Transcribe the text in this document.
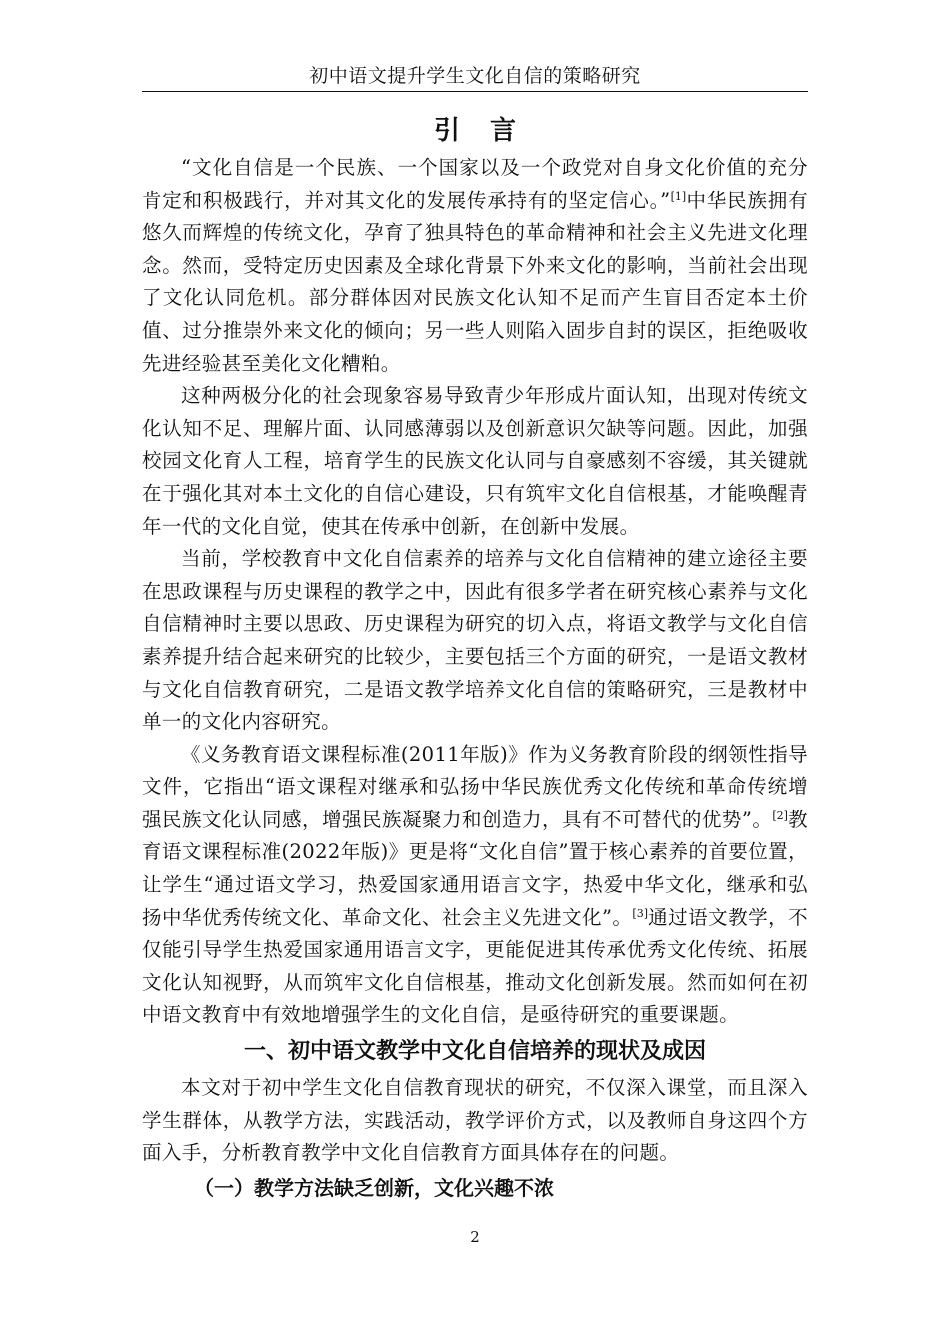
初中语文提升学生文化自信的策略研究
引 言

“文化自信是一个民族、一个国家以及一个政党对自身文化价值的充分肯定和积极践行，并对其文化的发展传承持有的坚定信心。”[1]中华民族拥有悠久而辉煌的传统文化，孕育了独具特色的革命精神和社会主义先进文化理念。然而，受特定历史因素及全球化背景下外来文化的影响，当前社会出现了文化认同危机。部分群体因对民族文化认知不足而产生盲目否定本土价值、过分推崇外来文化的倾向；另一些人则陷入固步自封的误区，拒绝吸收先进经验甚至美化文化糟粕。

这种两极分化的社会现象容易导致青少年形成片面认知，出现对传统文化认知不足、理解片面、认同感薄弱以及创新意识欠缺等问题。因此，加强校园文化育人工程，培育学生的民族文化认同与自豪感刻不容缓，其关键就在于强化其对本土文化的自信心建设，只有筑牢文化自信根基，才能唤醒青年一代的文化自觉，使其在传承中创新，在创新中发展。

当前，学校教育中文化自信素养的培养与文化自信精神的建立途径主要在思政课程与历史课程的教学之中，因此有很多学者在研究核心素养与文化自信精神时主要以思政、历史课程为研究的切入点，将语文教学与文化自信素养提升结合起来研究的比较少，主要包括三个方面的研究，一是语文教材与文化自信教育研究，二是语文教学培养文化自信的策略研究，三是教材中单一的文化内容研究。

《义务教育语文课程标准(2011年版)》作为义务教育阶段的纲领性指导文件，它指出“语文课程对继承和弘扬中华民族优秀文化传统和革命传统增强民族文化认同感，增强民族凝聚力和创造力，具有不可替代的优势”。[2]教育语文课程标准(2022年版)》更是将“文化自信”置于核心素养的首要位置，让学生“通过语文学习，热爱国家通用语言文字，热爱中华文化，继承和弘扬中华优秀传统文化、革命文化、社会主义先进文化”。[3]通过语文教学，不仅能引导学生热爱国家通用语言文字，更能促进其传承优秀文化传统、拓展文化认知视野，从而筑牢文化自信根基，推动文化创新发展。然而如何在初中语文教育中有效地增强学生的文化自信，是亟待研究的重要课题。

一、初中语文教学中文化自信培养的现状及成因

本文对于初中学生文化自信教育现状的研究，不仅深入课堂，而且深入学生群体，从教学方法，实践活动，教学评价方式，以及教师自身这四个方面入手，分析教育教学中文化自信教育方面具体存在的问题。

（一）教学方法缺乏创新，文化兴趣不浓
2
